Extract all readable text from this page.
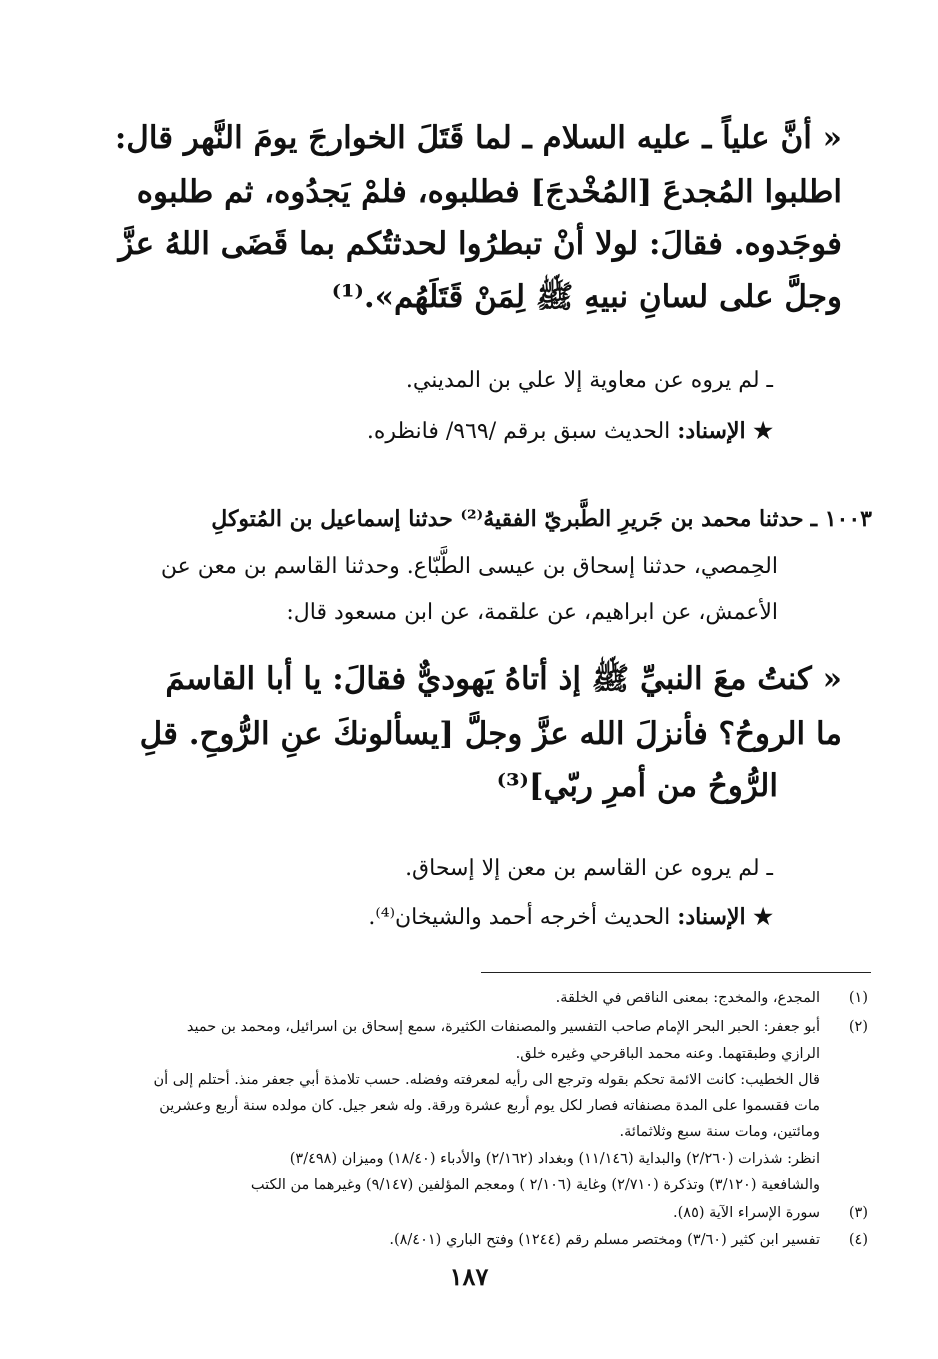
« أنَّ علياً ـ عليه السلام ـ لما قَتَلَ الخوارجَ يومَ النَّهر قال:
اطلبوا المُجدعَ [المُخْدجَ] فطلبوه، فلمْ يَجدُوه، ثم طلبوه
فوجَدوه. فقالَ: لولا أنْ تبطرُوا لحدثتُكم بما قَضَى اللهُ عزَّ
وجلَّ على لسانِ نبيهِ ﷺ لِمَنْ قَتَلَهُم».⁽¹⁾
ـ لم يروه عن معاوية إلا علي بن المديني.
★ الإسناد: الحديث سبق برقم /٩٦٩/ فانظره.
١٠٠٣ ـ حدثنا محمد بن جَريرِ الطَّبريّ الفقيهُ⁽²⁾ حدثنا إسماعيل بن المُتوكلِ
الحِمصي، حدثنا إسحاق بن عيسى الطَّبّاع. وحدثنا القاسم بن معن عن
الأعمش، عن ابراهيم، عن علقمة، عن ابن مسعود قال:
« كنتُ معَ النبيِّ ﷺ إذ أتاهُ يَهوديٌّ فقالَ: يا أبا القاسمَ
ما الروحُ؟ فأنزلَ الله عزَّ وجلَّ [يسألونكَ عنِ الرُّوحِ. قلِ
الرُّوحُ من أمرِ ربّي]⁽³⁾
ـ لم يروه عن القاسم بن معن إلا إسحاق.
★ الإسناد: الحديث أخرجه أحمد والشيخان⁽⁴⁾.
(١)
المجدع، والمخدج: بمعنى الناقص في الخلقة.
(٢)
أبو جعفر: الحبر البحر الإمام صاحب التفسير والمصنفات الكثيرة، سمع إسحاق بن اسرائيل، ومحمد بن حميد
الرازي وطبقتهما. وعنه محمد الباقرحي وغيره خلق.
قال الخطيب: كانت الائمة تحكم بقوله وترجع الى رأيه لمعرفته وفضله. حسب تلامذة أبي جعفر منذ. أحتلم إلى أن
مات فقسموا على المدة مصنفاته فصار لكل يوم أربع عشرة ورقة. وله شعر جيل. كان مولده سنة أربع وعشرين
ومائتين، ومات سنة سبع وثلاثمائة.
انظر: شذرات (٢/٢٦٠) والبداية (١١/١٤٦) وبغداد (٢/١٦٢) والأدباء (١٨/٤٠) وميزان (٣/٤٩٨)
والشافعية (٣/١٢٠) وتذكرة (٢/٧١٠) وغاية (٢/١٠٦ ) ومعجم المؤلفين (٩/١٤٧) وغيرهما من الكتب
(٣)
سورة الإسراء الآية (٨٥).
(٤)
تفسير ابن كثير (٣/٦٠) ومختصر مسلم رقم (١٢٤٤) وفتح الباري (٨/٤٠١).
١٨٧
